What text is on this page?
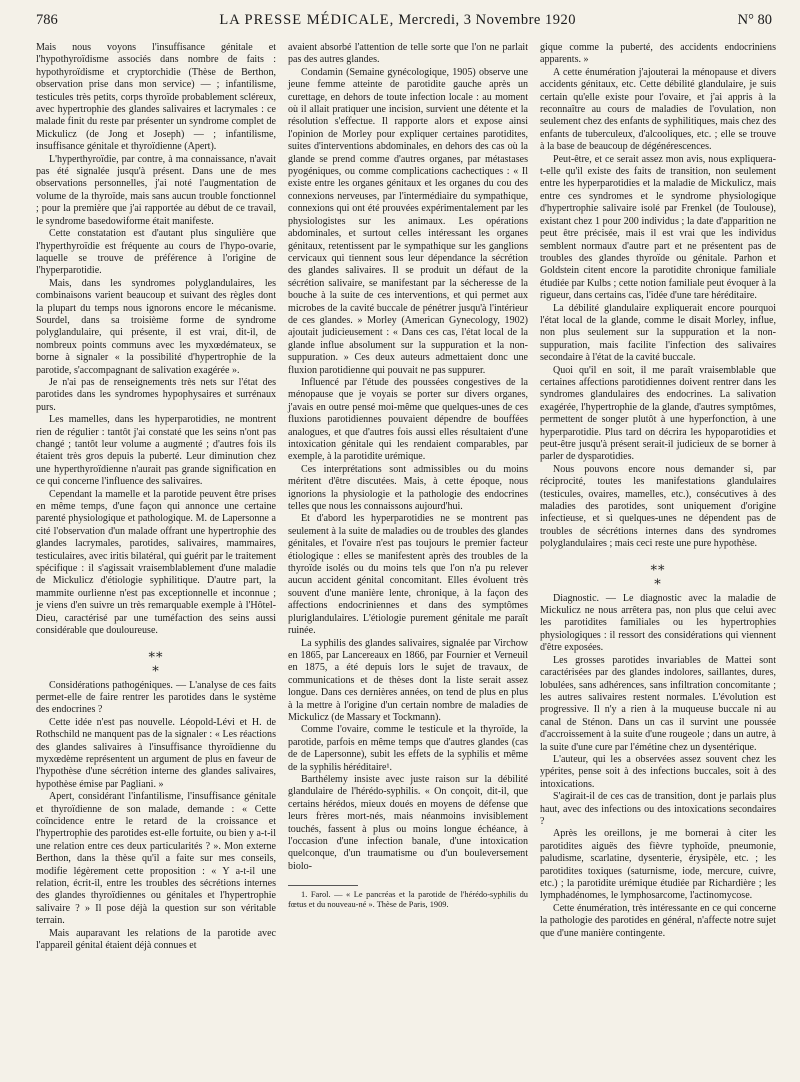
786	LA PRESSE MÉDICALE, Mercredi, 3 Novembre 1920	N° 80

Mais nous voyons l'insuffisance génitale et l'hypothyroïdisme associés dans nombre de faits : hypothyroïdisme et cryptorchidie (Thèse de Berthon, observation prise dans mon service) — ; infantilisme, testicules très petits, corps thyroïde probablement scléreux, avec hypertrophie des glandes salivaires et lacrymales : ce malade finit du reste par présenter un syndrome complet de Mickulicz (de Jong et Joseph) — ; infantilisme, insuffisance génitale et thyroïdienne (Apert).

L'hyperthyroïdie, par contre, à ma connaissance, n'avait pas été signalée jusqu'à présent. Dans une de mes observations personnelles, j'ai noté l'augmentation de volume de la thyroïde, mais sans aucun trouble fonctionnel ; pour la première que j'ai rapportée au début de ce travail, le syndrome basedowiforme était manifeste.

Cette constatation est d'autant plus singulière que l'hyperthyroïdie est fréquente au cours de l'hypo-ovarie, laquelle se trouve de préférence à l'origine de l'hyperparotidie.

Mais, dans les syndromes polyglandulaires, les combinaisons varient beaucoup et suivant des règles dont la plupart du temps nous ignorons encore le mécanisme. Sourdel, dans sa troisième forme de syndrome polyglandulaire, qui présente, il est vrai, dit-il, de nombreux points communs avec les myxœdémateux, se borne à signaler « la possibilité d'hypertrophie de la parotide, s'accompagnant de salivation exagérée ».

Je n'ai pas de renseignements très nets sur l'état des parotides dans les syndromes hypophysaires et surrénaux purs.

Les mamelles, dans les hyperparotidies, ne montrent rien de régulier : tantôt j'ai constaté que les seins n'ont pas changé ; tantôt leur volume a augmenté ; d'autres fois ils étaient très gros depuis la puberté. Leur diminution chez une hyperthyroïdienne n'aurait pas grande signification en ce qui concerne l'influence des salivaires.

Cependant la mamelle et la parotide peuvent être prises en même temps, d'une façon qui annonce une certaine parenté physiologique et pathologique. M. de Lapersonne a cité l'observation d'un malade offrant une hypertrophie des glandes lacrymales, parotides, salivaires, mammaires, testiculaires, avec iritis bilatéral, qui guérit par le traitement spécifique : il s'agissait vraisemblablement d'une maladie de Mickulicz d'étiologie syphilitique. D'autre part, la mammite ourlienne n'est pas exceptionnelle et inconnue ; je viens d'en suivre un très remarquable exemple à l'Hôtel-Dieu, caractérisé par une tuméfaction des seins aussi considérable que douloureuse.

⁎⁎
⁎

Considérations pathogéniques. — L'analyse de ces faits permet-elle de faire rentrer les parotides dans le système des endocrines ?

Cette idée n'est pas nouvelle. Léopold-Lévi et H. de Rothschild ne manquent pas de la signaler : « Les réactions des glandes salivaires à l'insuffisance thyroïdienne du myxœdème représentent un argument de plus en faveur de l'hypothèse d'une sécrétion interne des glandes salivaires, hypothèse émise par Pagliani. »

Apert, considérant l'infantilisme, l'insuffisance génitale et thyroïdienne de son malade, demande : « Cette coïncidence entre le retard de la croissance et l'hypertrophie des parotides est-elle fortuite, ou bien y a-t-il une relation entre ces deux particularités ? ». Mon externe Berthon, dans la thèse qu'il a faite sur mes conseils, modifie légèrement cette proposition : « Y a-t-il une relation, écrit-il, entre les troubles des sécrétions internes des glandes thyroïdiennes ou génitales et l'hypertrophie salivaire ? » Il pose déjà la question sur son véritable terrain.

Mais auparavant les relations de la parotide avec l'appareil génital étaient déjà connues et

avaient absorbé l'attention de telle sorte que l'on ne parlait pas des autres glandes.

Condamin (Semaine gynécologique, 1905) observe une jeune femme atteinte de parotidite gauche après un curettage, en dehors de toute infection locale : au moment où il allait pratiquer une incision, survient une détente et la résolution s'effectue. Il rapporte alors et expose ainsi l'opinion de Morley pour expliquer certaines parotidites, suites d'interventions abdominales, en dehors des cas où la glande se prend comme d'autres organes, par métastases pyogéniques, ou comme complications cachectiques : « Il existe entre les organes génitaux et les organes du cou des connexions nerveuses, par l'intermédiaire du sympathique, connexions qui ont été prouvées expérimentalement par les physiologistes sur les animaux. Les opérations abdominales, et surtout celles intéressant les organes génitaux, retentissent par le sympathique sur les ganglions cervicaux qui tiennent sous leur dépendance la sécrétion des glandes salivaires. Il se produit un défaut de la sécrétion salivaire, se manifestant par la sécheresse de la bouche à la suite de ces interventions, et qui permet aux microbes de la cavité buccale de pénétrer jusqu'à l'intérieur de ces glandes. » Morley (American Gynecology, 1902) ajoutait judicieusement : « Dans ces cas, l'état local de la glande influe absolument sur la suppuration et la non-suppuration. » Ces deux auteurs admettaient donc une fluxion parotidienne qui pouvait ne pas suppurer.

Influencé par l'étude des poussées congestives de la ménopause que je voyais se porter sur divers organes, j'avais en outre pensé moi-même que quelques-unes de ces fluxions parotidiennes pouvaient dépendre de bouffées analogues, et que d'autres fois aussi elles résultaient d'une intoxication génitale qui les rendaient comparables, par exemple, à la parotidite urémique.

Ces interprétations sont admissibles ou du moins méritent d'être discutées. Mais, à cette époque, nous ignorions la physiologie et la pathologie des endocrines telles que nous les connaissons aujourd'hui.

Et d'abord les hyperparotidies ne se montrent pas seulement à la suite de maladies ou de troubles des glandes génitales, et l'ovaire n'est pas toujours le premier facteur étiologique : elles se manifestent après des troubles de la thyroïde isolés ou du moins tels que l'on n'a pu relever aucun accident génital concomitant. Elles évoluent très souvent d'une manière lente, chronique, à la façon des affections endocriniennes et dans des symptômes pluriglandulaires. L'étiologie purement génitale me paraît ruinée.

La syphilis des glandes salivaires, signalée par Virchow en 1865, par Lancereaux en 1866, par Fournier et Verneuil en 1875, a été depuis lors le sujet de travaux, de communications et de thèses dont la liste serait assez longue. Dans ces dernières années, on tend de plus en plus à la mettre à l'origine d'un certain nombre de maladies de Mickulicz (de Massary et Tockmann).

Comme l'ovaire, comme le testicule et la thyroïde, la parotide, parfois en même temps que d'autres glandes (cas de de Lapersonne), subit les effets de la syphilis et même de la syphilis héréditaire¹.

Barthélemy insiste avec juste raison sur la débilité glandulaire de l'hérédo-syphilis. « On conçoit, dit-il, que certains hérédos, mieux doués en moyens de défense que leurs frères mort-nés, mais néanmoins invisiblement touchés, fassent à plus ou moins longue échéance, à l'occasion d'une infection banale, d'une intoxication quelconque, d'un traumatisme ou d'un bouleversement biolo-

1. Farol. — « Le pancréas et la parotide de l'hérédo-syphilis du fœtus et du nouveau-né ». Thèse de Paris, 1909.

gique comme la puberté, des accidents endocriniens apparents. »

A cette énumération j'ajouterai la ménopause et divers accidents génitaux, etc. Cette débilité glandulaire, je suis certain qu'elle existe pour l'ovaire, et j'ai appris à la reconnaître au cours de maladies de l'ovulation, non seulement chez des enfants de syphilitiques, mais chez des enfants de tuberculeux, d'alcooliques, etc. ; elle se trouve à la base de beaucoup de dégénérescences.

Peut-être, et ce serait assez mon avis, nous expliquera-t-elle qu'il existe des faits de transition, non seulement entre les hyperparotidies et la maladie de Mickulicz, mais entre ces syndromes et le syndrome physiologique d'hypertrophie salivaire isolé par Frenkel (de Toulouse), existant chez 1 pour 200 individus ; la date d'apparition ne peut être précisée, mais il est vrai que les individus semblent normaux d'autre part et ne présentent pas de troubles des glandes thyroïde ou génitale. Parhon et Goldstein citent encore la parotidite chronique familiale étudiée par Kulbs ; cette notion familiale peut évoquer à la rigueur, dans certains cas, l'idée d'une tare héréditaire.

La débilité glandulaire expliquerait encore pourquoi l'état local de la glande, comme le disait Morley, influe, non plus seulement sur la suppuration et la non-suppuration, mais facilite l'infection des salivaires secondaire à l'état de la cavité buccale.

Quoi qu'il en soit, il me paraît vraisemblable que certaines affections parotidiennes doivent rentrer dans les syndromes glandulaires des endocrines. La salivation exagérée, l'hypertrophie de la glande, d'autres symptômes, permettent de songer plutôt à une hyperfonction, à une hyperparotidie. Plus tard on décrira les hypoparotidies et peut-être jusqu'à présent serait-il judicieux de se borner à parler de dysparotidies.

Nous pouvons encore nous demander si, par réciprocité, toutes les manifestations glandulaires (testicules, ovaires, mamelles, etc.), consécutives à des maladies des parotides, sont uniquement d'origine infectieuse, et si quelques-unes ne dépendent pas de troubles de sécrétions internes dans des syndromes polyglandulaires ; mais ceci reste une pure hypothèse.

⁎⁎
⁎

Diagnostic. — Le diagnostic avec la maladie de Mickulicz ne nous arrêtera pas, non plus que celui avec les parotidites familiales ou les hypertrophies physiologiques : il ressort des considérations qui viennent d'être exposées.

Les grosses parotides invariables de Mattei sont caractérisées par des glandes indolores, saillantes, dures, lobulées, sans adhérences, sans infiltration concomitante ; les autres salivaires restent normales. L'évolution est progressive. Il n'y a rien à la muqueuse buccale ni au canal de Sténon. Dans un cas il survint une poussée d'accroissement à la suite d'une rougeole ; dans un autre, à la suite d'une cure par l'émétine chez un dysentérique.

L'auteur, qui les a observées assez souvent chez les ypérites, pense soit à des infections buccales, soit à des intoxications.

S'agirait-il de ces cas de transition, dont je parlais plus haut, avec des infections ou des intoxications secondaires ?

Après les oreillons, je me bornerai à citer les parotidites aiguës des fièvre typhoïde, pneumonie, paludisme, scarlatine, dysenterie, érysipèle, etc. ; les parotidites toxiques (saturnisme, iode, mercure, cuivre, etc.) ; la parotidite urémique étudiée par Richardière ; les lymphadénomes, le lymphosarcome, l'actinomycose.

Cette énumération, très intéressante en ce qui concerne la pathologie des parotides en général, n'affecte notre sujet que d'une manière contingente.
